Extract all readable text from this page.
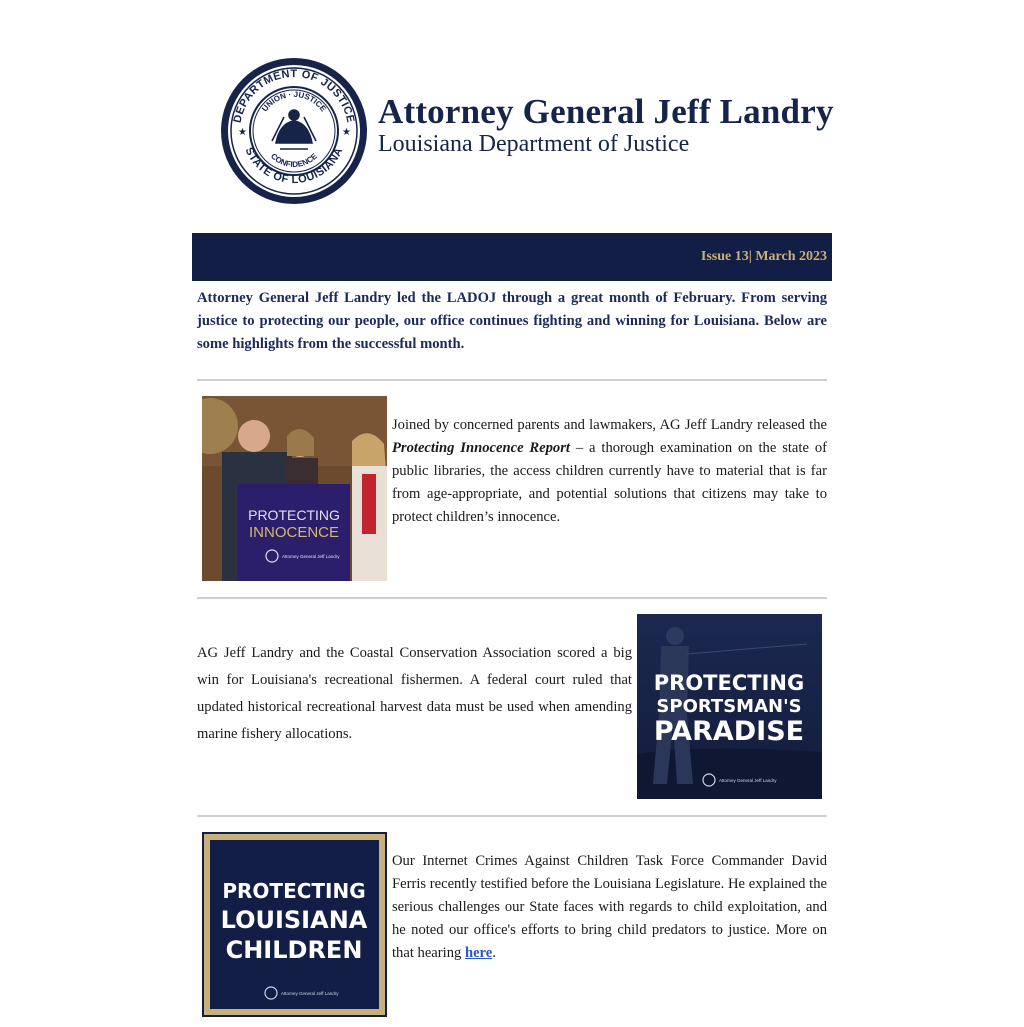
DEPARTMENT OF JUSTICE
STATE OF LOUISIANA
UNION · JUSTICE
CONFIDENCE
★	★
Attorney General Jeff Landry
Louisiana Department of Justice
Issue 13| March 2023

Attorney General Jeff Landry led the LADOJ through a great month of February. From serving justice to protecting our people, our office continues fighting and winning for Louisiana. Below are some highlights from the successful month.

PROTECTING
INNOCENCE
Attorney General Jeff Landry

Joined by concerned parents and lawmakers, AG Jeff Landry released the Protecting Innocence Report – a thorough examination on the state of public libraries, the access children currently have to material that is far from age-appropriate, and potential solutions that citizens may take to protect children’s innocence.

AG Jeff Landry and the Coastal Conservation Association scored a big win for Louisiana's recreational fishermen. A federal court ruled that updated historical recreational harvest data must be used when amending marine fishery allocations.

PROTECTING
SPORTSMAN'S
PARADISE
Attorney General Jeff Landry
PROTECTING
LOUISIANA
CHILDREN
Attorney General Jeff Landry

Our Internet Crimes Against Children Task Force Commander David Ferris recently testified before the Louisiana Legislature. He explained the serious challenges our State faces with regards to child exploitation, and he noted our office's efforts to bring child predators to justice. More on that hearing here.
